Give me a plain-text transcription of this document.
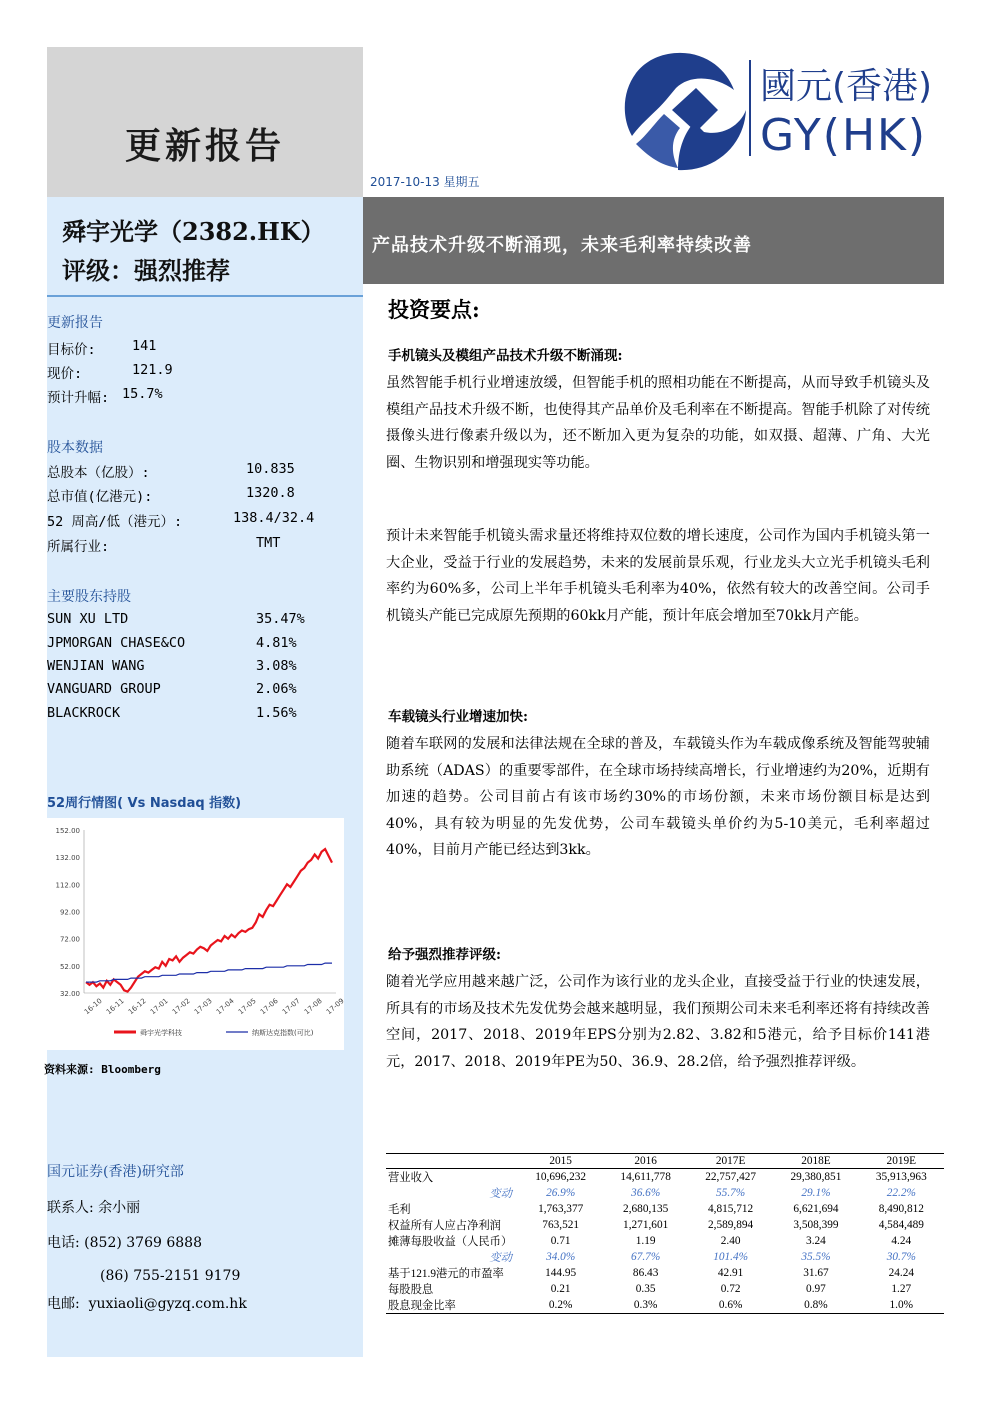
更新报告
2017-10-13 星期五
國元(香港)
GY(HK)
舜宇光学（2382.HK）
评级：强烈推荐
更新报告
目标价:	141
现价:	121.9
预计升幅: 15.7%
股本数据
总股本（亿股）:	10.835
总市值(亿港元):	1320.8
52 周高/低（港元）:	138.4/32.4
所属行业:	TMT
主要股东持股
SUN XU LTD	35.47%
JPMORGAN CHASE&CO	4.81%
WENJIAN WANG	3.08%
VANGUARD GROUP	2.06%
BLACKROCK	1.56%
52周行情图( Vs Nasdaq 指数)
152.00
132.00
112.00
92.00
72.00
52.00
32.00
16-10 16-11 16-12 17-01 17-02 17-03 17-04 17-05 17-06 17-07 17-08 17-09
舜宇光学科技	纳斯达克指数(可比)
资料来源: Bloomberg
国元证券(香港)研究部
联系人: 余小丽
电话: (852) 3769 6888
(86) 755-2151 9179
电邮:  yuxiaoli@gyzq.com.hk
产品技术升级不断涌现，未来毛利率持续改善
投资要点:
手机镜头及模组产品技术升级不断涌现:
虽然智能手机行业增速放缓，但智能手机的照相功能在不断提高，从而导致手机镜头及模组产品技术升级不断，也使得其产品单价及毛利率在不断提高。智能手机除了对传统摄像头进行像素升级以为，还不断加入更为复杂的功能，如双摄、超薄、广角、大光圈、生物识别和增强现实等功能。
预计未来智能手机镜头需求量还将维持双位数的增长速度，公司作为国内手机镜头第一大企业，受益于行业的发展趋势，未来的发展前景乐观，行业龙头大立光手机镜头毛利率约为60%多，公司上半年手机镜头毛利率为40%，依然有较大的改善空间。公司手机镜头产能已完成原先预期的60kk月产能，预计年底会增加至70kk月产能。
车载镜头行业增速加快:
随着车联网的发展和法律法规在全球的普及，车载镜头作为车载成像系统及智能驾驶辅助系统（ADAS）的重要零部件，在全球市场持续高增长，行业增速约为20%，近期有加速的趋势。公司目前占有该市场约30%的市场份额，未来市场份额目标是达到40%，具有较为明显的先发优势，公司车载镜头单价约为5-10美元，毛利率超过40%，目前月产能已经达到3kk。
给予强烈推荐评级:
随着光学应用越来越广泛，公司作为该行业的龙头企业，直接受益于行业的快速发展，所具有的市场及技术先发优势会越来越明显，我们预期公司未来毛利率还将有持续改善空间，2017、2018、2019年EPS分别为2.82、3.82和5港元，给予目标价141港元，2017、2018、2019年PE为50、36.9、28.2倍，给予强烈推荐评级。
	2015	2016	2017E	2018E	2019E
营业收入	10,696,232	14,611,778	22,757,427	29,380,851	35,913,963
变动	26.9%	36.6%	55.7%	29.1%	22.2%
毛利	1,763,377	2,680,135	4,815,712	6,621,694	8,490,812
权益所有人应占净利润	763,521	1,271,601	2,589,894	3,508,399	4,584,489
摊薄每股收益（人民币）	0.71	1.19	2.40	3.24	4.24
变动	34.0%	67.7%	101.4%	35.5%	30.7%
基于121.9港元的市盈率	144.95	86.43	42.91	31.67	24.24
每股股息	0.21	0.35	0.72	0.97	1.27
股息现金比率	0.2%	0.3%	0.6%	0.8%	1.0%
